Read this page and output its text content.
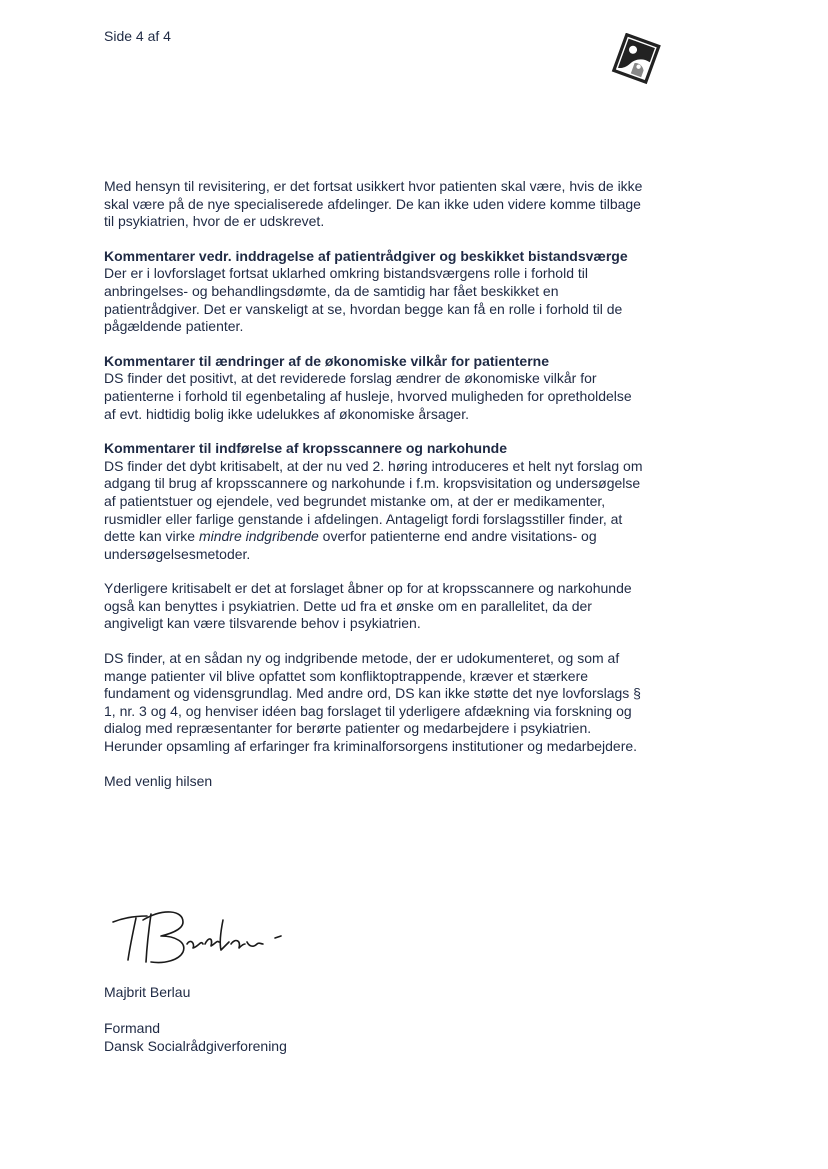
Side 4 af 4

Med hensyn til revisitering, er det fortsat usikkert hvor patienten skal være, hvis de ikke skal være på de nye specialiserede afdelinger. De kan ikke uden videre komme tilbage til psykiatrien, hvor de er udskrevet.

Kommentarer vedr. inddragelse af patientrådgiver og beskikket bistandsværge

Der er i lovforslaget fortsat uklarhed omkring bistandsværgens rolle i forhold til anbringelses- og behandlingsdømte, da de samtidig har fået beskikket en patientrådgiver. Det er vanskeligt at se, hvordan begge kan få en rolle i forhold til de pågældende patienter.

Kommentarer til ændringer af de økonomiske vilkår for patienterne

DS finder det positivt, at det reviderede forslag ændrer de økonomiske vilkår for patienterne i forhold til egenbetaling af husleje, hvorved muligheden for opretholdelse af evt. hidtidig bolig ikke udelukkes af økonomiske årsager.

Kommentarer til indførelse af kropsscannere og narkohunde

DS finder det dybt kritisabelt, at der nu ved 2. høring introduceres et helt nyt forslag om adgang til brug af kropsscannere og narkohunde i f.m. kropsvisitation og undersøgelse af patientstuer og ejendele, ved begrundet mistanke om, at der er medikamenter, rusmidler eller farlige genstande i afdelingen. Antageligt fordi forslagsstiller finder, at dette kan virke mindre indgribende overfor patienterne end andre visitations- og undersøgelsesmetoder.

Yderligere kritisabelt er det at forslaget åbner op for at kropsscannere og narkohunde også kan benyttes i psykiatrien. Dette ud fra et ønske om en parallelitet, da der angiveligt kan være tilsvarende behov i psykiatrien.

DS finder, at en sådan ny og indgribende metode, der er udokumenteret, og som af mange patienter vil blive opfattet som konfliktoptrappende, kræver et stærkere fundament og vidensgrundlag. Med andre ord, DS kan ikke støtte det nye lovforslags § 1, nr. 3 og 4, og henviser idéen bag forslaget til yderligere afdækning via forskning og dialog med repræsentanter for berørte patienter og medarbejdere i psykiatrien. Herunder opsamling af erfaringer fra kriminalforsorgens institutioner og medarbejdere.

Med venlig hilsen

Majbrit Berlau
Formand
Dansk Socialrådgiverforening
